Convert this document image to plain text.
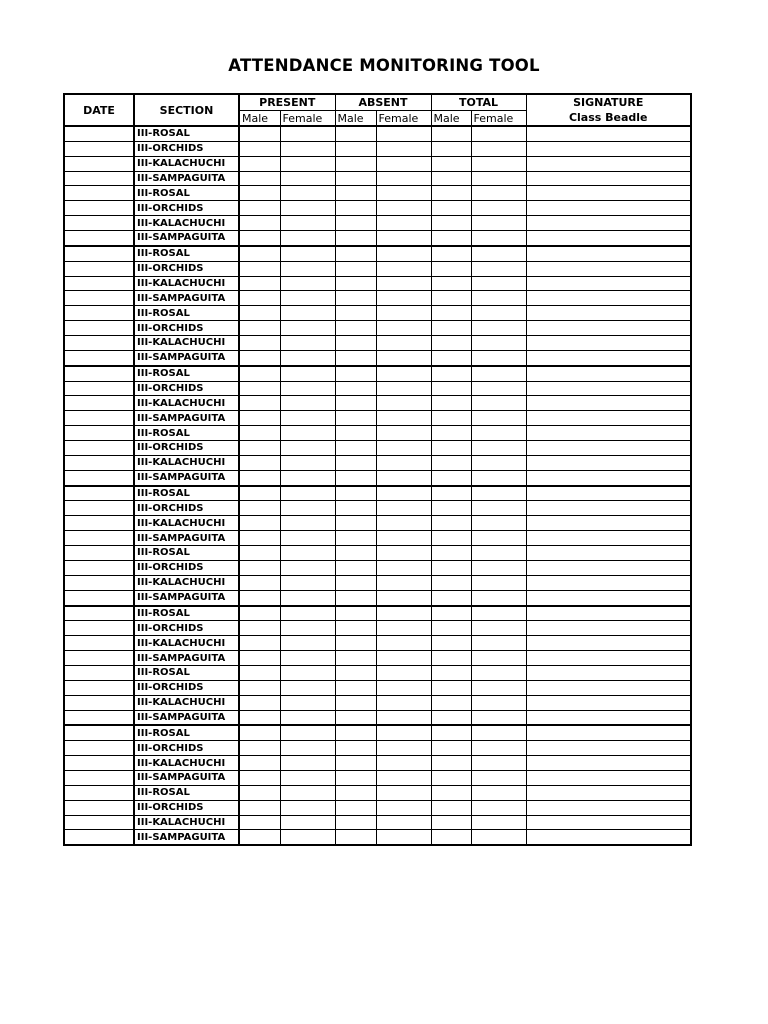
ATTENDANCE MONITORING TOOL
DATE	SECTION	PRESENT		ABSENT		TOTAL		SIGNATURE
		Male	Female	Male	Female	Male	Female	Class Beadle
	III-ROSAL							
	III-ORCHIDS							
	III-KALACHUCHI							
	III-SAMPAGUITA							
	III-ROSAL							
	III-ORCHIDS							
	III-KALACHUCHI							
	III-SAMPAGUITA							
	III-ROSAL							
	III-ORCHIDS							
	III-KALACHUCHI							
	III-SAMPAGUITA							
	III-ROSAL							
	III-ORCHIDS							
	III-KALACHUCHI							
	III-SAMPAGUITA							
	III-ROSAL							
	III-ORCHIDS							
	III-KALACHUCHI							
	III-SAMPAGUITA							
	III-ROSAL							
	III-ORCHIDS							
	III-KALACHUCHI							
	III-SAMPAGUITA							
	III-ROSAL							
	III-ORCHIDS							
	III-KALACHUCHI							
	III-SAMPAGUITA							
	III-ROSAL							
	III-ORCHIDS							
	III-KALACHUCHI							
	III-SAMPAGUITA							
	III-ROSAL							
	III-ORCHIDS							
	III-KALACHUCHI							
	III-SAMPAGUITA							
	III-ROSAL							
	III-ORCHIDS							
	III-KALACHUCHI							
	III-SAMPAGUITA							
	III-ROSAL							
	III-ORCHIDS							
	III-KALACHUCHI							
	III-SAMPAGUITA							
	III-ROSAL							
	III-ORCHIDS							
	III-KALACHUCHI							
	III-SAMPAGUITA							
